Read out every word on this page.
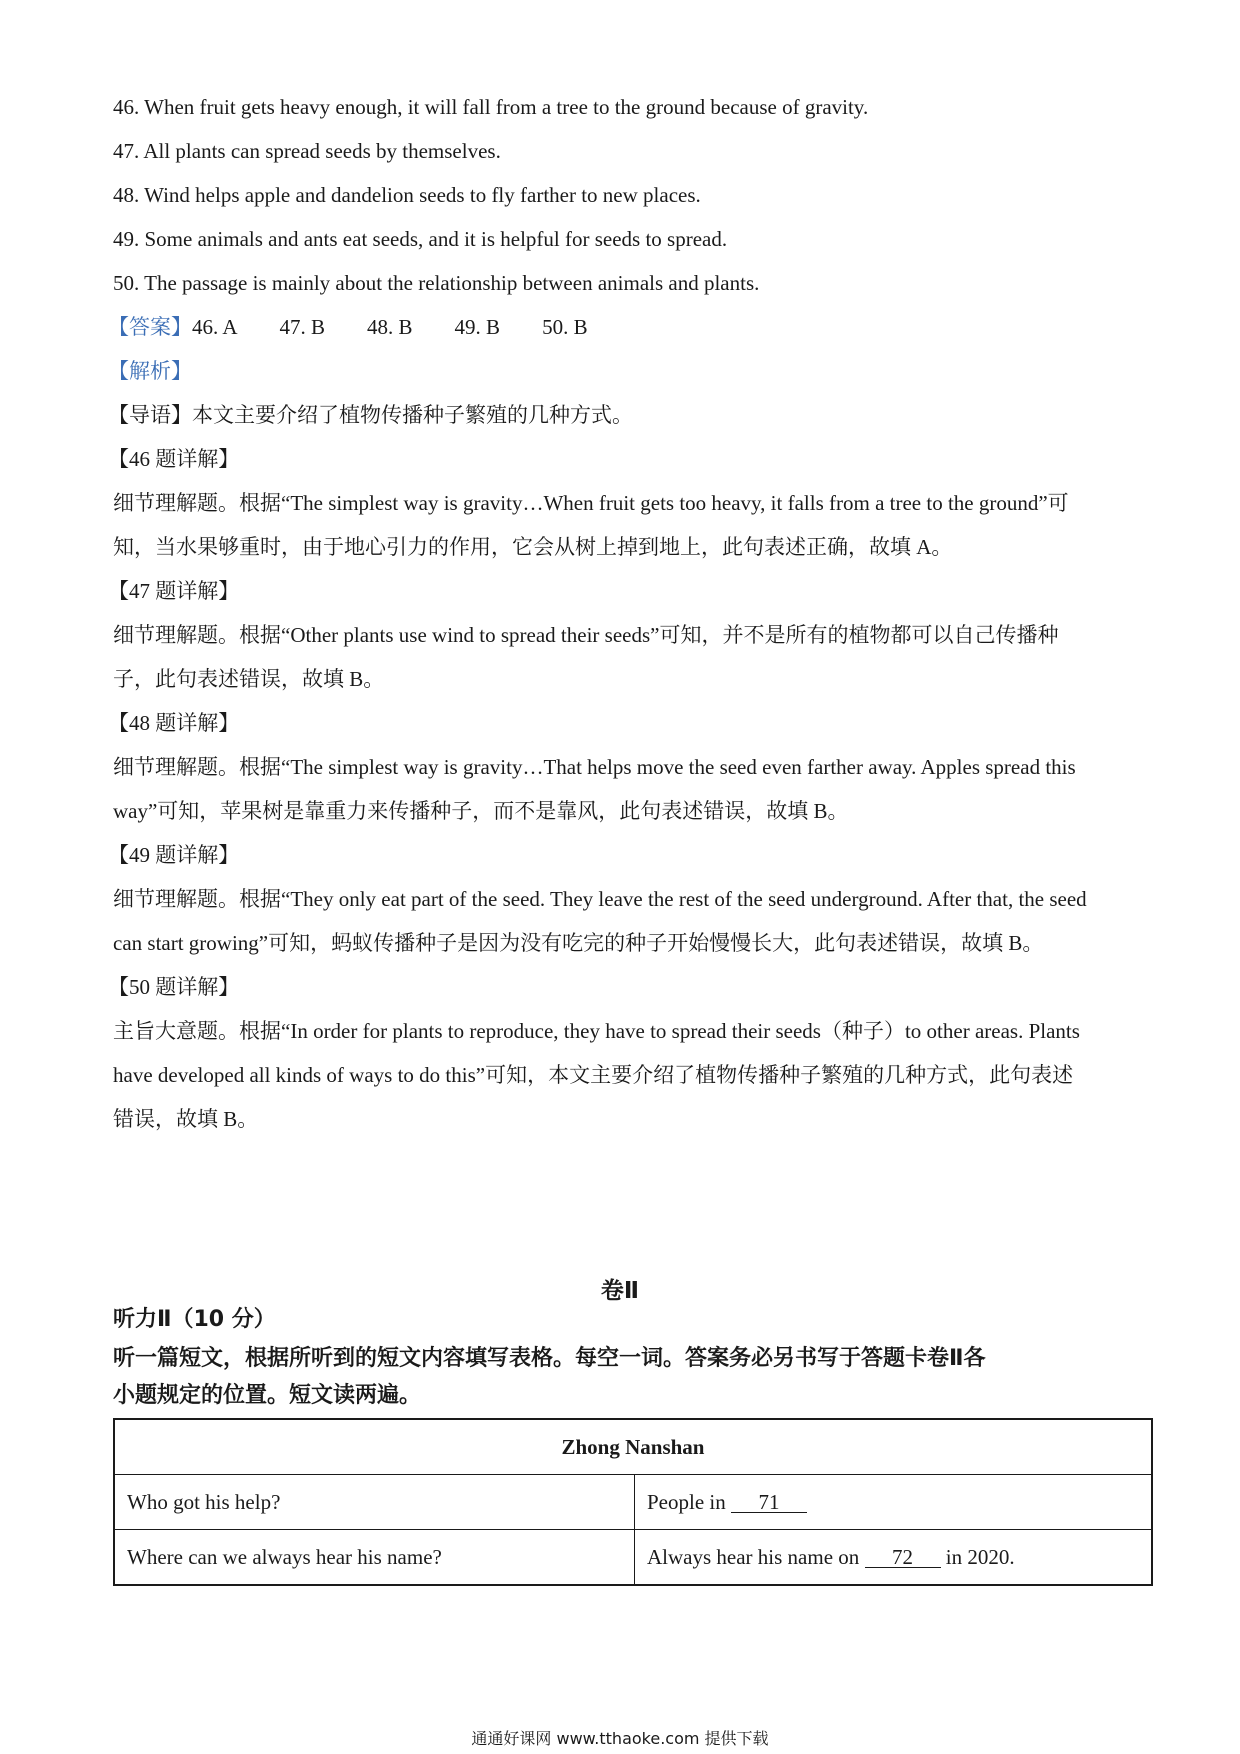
46. When fruit gets heavy enough, it will fall from a tree to the ground because of gravity.
47. All plants can spread seeds by themselves.
48. Wind helps apple and dandelion seeds to fly farther to new places.
49. Some animals and ants eat seeds, and it is helpful for seeds to spread.
50. The passage is mainly about the relationship between animals and plants.
【答案】46. A 47. B 48. B 49. B 50. B
【解析】
【导语】本文主要介绍了植物传播种子繁殖的几种方式。
【46 题详解】
细节理解题。根据“The simplest way is gravity…When fruit gets too heavy, it falls from a tree to the ground”可
知，当水果够重时，由于地心引力的作用，它会从树上掉到地上，此句表述正确，故填 A。
【47 题详解】
细节理解题。根据“Other plants use wind to spread their seeds”可知，并不是所有的植物都可以自己传播种
子，此句表述错误，故填 B。
【48 题详解】
细节理解题。根据“The simplest way is gravity…That helps move the seed even farther away. Apples spread this
way”可知，苹果树是靠重力来传播种子，而不是靠风，此句表述错误，故填 B。
【49 题详解】
细节理解题。根据“They only eat part of the seed. They leave the rest of the seed underground. After that, the seed
can start growing”可知，蚂蚁传播种子是因为没有吃完的种子开始慢慢长大，此句表述错误，故填 B。
【50 题详解】
主旨大意题。根据“In order for plants to reproduce, they have to spread their seeds（种子）to other areas. Plants
have developed all kinds of ways to do this”可知，本文主要介绍了植物传播种子繁殖的几种方式，此句表述
错误，故填 B。
卷Ⅱ
听力Ⅱ（10 分）
听一篇短文，根据所听到的短文内容填写表格。每空一词。答案务必另书写于答题卡卷Ⅱ各
小题规定的位置。短文读两遍。
Zhong Nanshan	
Who got his help?	People in 71
Where can we always hear his name?	Always hear his name on 72 in 2020.
通通好课网 www.tthaoke.com 提供下载
